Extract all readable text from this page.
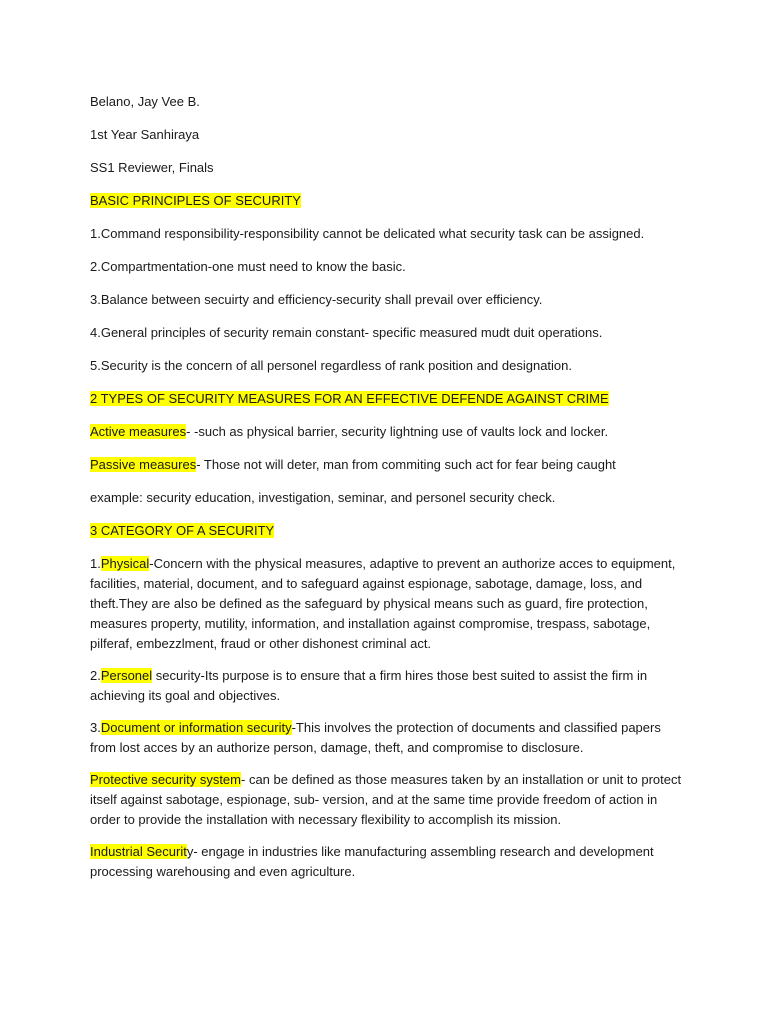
Belano, Jay Vee B.

1st Year Sanhiraya

SS1 Reviewer, Finals

BASIC PRINCIPLES OF SECURITY

1.Command responsibility-responsibility cannot be delicated what security task can be assigned.

2.Compartmentation-one must need to know the basic.

3.Balance between secuirty and efficiency-security shall prevail over efficiency.

4.General principles of security remain constant- specific measured mudt duit operations.

5.Security is the concern of all personel regardless of rank position and designation.

2 TYPES OF SECURITY MEASURES FOR AN EFFECTIVE DEFENDE AGAINST CRIME

Active measures- -such as physical barrier, security lightning use of vaults lock and locker.

Passive measures- Those not will deter, man from commiting such act for fear being caught

example: security education, investigation, seminar, and personel security check.

3 CATEGORY OF A SECURITY

1.Physical-Concern with the physical measures, adaptive to prevent an authorize acces to equipment, facilities, material, document, and to safeguard against espionage, sabotage, damage, loss, and theft.They are also be defined as the safeguard by physical means such as guard, fire protection, measures property, mutility, information, and installation against compromise, trespass, sabotage, pilferaf, embezzlment, fraud or other dishonest criminal act.

2.Personel security-Its purpose is to ensure that a firm hires those best suited to assist the firm in achieving its goal and objectives.

3.Document or information security-This involves the protection of documents and classified papers from lost acces by an authorize person, damage, theft, and compromise to disclosure.

Protective security system- can be defined as those measures taken by an installation or unit to protect itself against sabotage, espionage, sub- version, and at the same time provide freedom of action in order to provide the installation with necessary flexibility to accomplish its mission.

Industrial Security- engage in industries like manufacturing assembling research and development processing warehousing and even agriculture.
